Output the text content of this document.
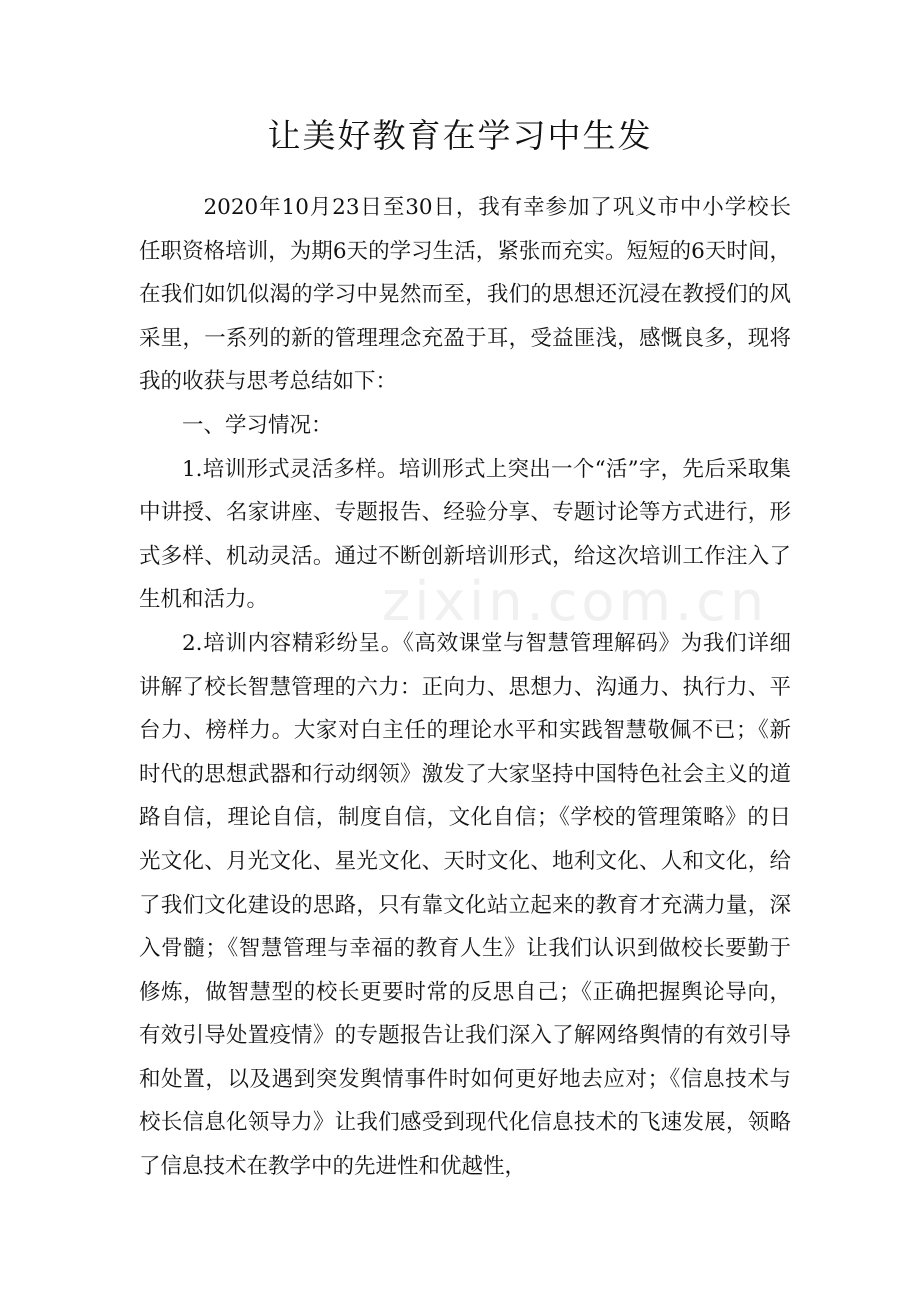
zixin.com.cn
让美好教育在学习中生发

2020年10月23日至30日，我有幸参加了巩义市中小学校长任职资格培训，为期6天的学习生活，紧张而充实。短短的6天时间，在我们如饥似渴的学习中晃然而至，我们的思想还沉浸在教授们的风采里，一系列的新的管理理念充盈于耳，受益匪浅，感慨良多，现将我的收获与思考总结如下：

一、学习情况：

1.培训形式灵活多样。培训形式上突出一个“活”字，先后采取集中讲授、名家讲座、专题报告、经验分享、专题讨论等方式进行，形式多样、机动灵活。通过不断创新培训形式，给这次培训工作注入了生机和活力。

2.培训内容精彩纷呈。《高效课堂与智慧管理解码》为我们详细讲解了校长智慧管理的六力：正向力、思想力、沟通力、执行力、平台力、榜样力。大家对白主任的理论水平和实践智慧敬佩不已；《新时代的思想武器和行动纲领》激发了大家坚持中国特色社会主义的道路自信，理论自信，制度自信，文化自信；《学校的管理策略》的日光文化、月光文化、星光文化、天时文化、地利文化、人和文化，给了我们文化建设的思路，只有靠文化站立起来的教育才充满力量，深入骨髓；《智慧管理与幸福的教育人生》让我们认识到做校长要勤于修炼，做智慧型的校长更要时常的反思自己；《正确把握舆论导向，有效引导处置疫情》的专题报告让我们深入了解网络舆情的有效引导和处置，以及遇到突发舆情事件时如何更好地去应对；《信息技术与校长信息化领导力》让我们感受到现代化信息技术的飞速发展，领略了信息技术在教学中的先进性和优越性，
